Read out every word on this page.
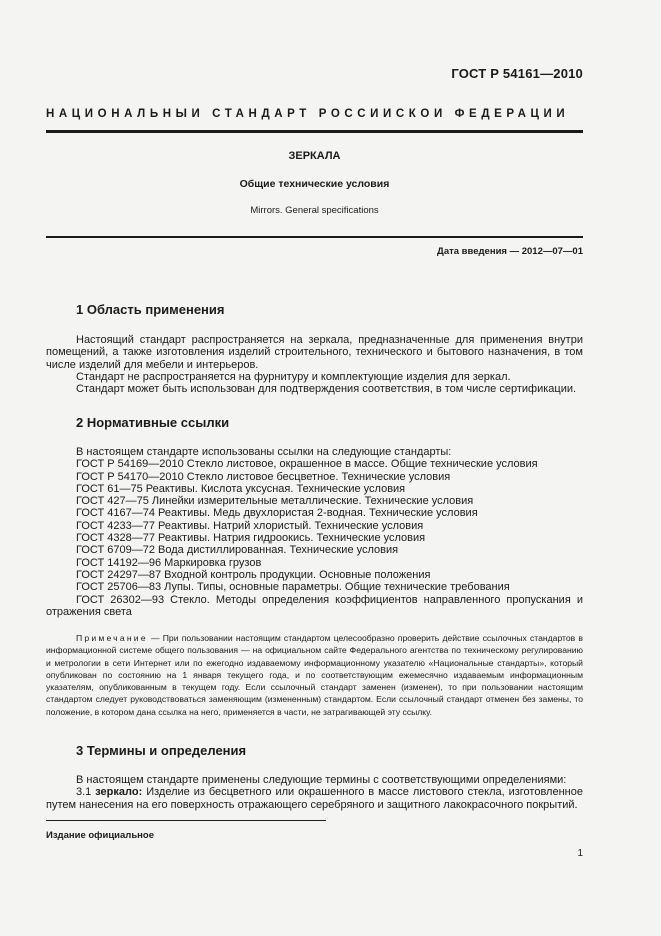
ГОСТ Р 54161—2010
НАЦИОНАЛЬНЫЙ СТАНДАРТ РОССИЙСКОЙ ФЕДЕРАЦИИ
ЗЕРКАЛА
Общие технические условия
Mirrors. General specifications
Дата введения — 2012—07—01
1 Область применения

Настоящий стандарт распространяется на зеркала, предназначенные для применения внутри помещений, а также изготовления изделий строительного, технического и бытового назначения, в том числе изделий для мебели и интерьеров.

Стандарт не распространяется на фурнитуру и комплектующие изделия для зеркал.

Стандарт может быть использован для подтверждения соответствия, в том числе сертификации.

2 Нормативные ссылки
В настоящем стандарте использованы ссылки на следующие стандарты:
ГОСТ Р 54169—2010 Стекло листовое, окрашенное в массе. Общие технические условия
ГОСТ Р 54170—2010 Стекло листовое бесцветное. Технические условия
ГОСТ 61—75 Реактивы. Кислота уксусная. Технические условия
ГОСТ 427—75 Линейки измерительные металлические. Технические условия
ГОСТ 4167—74 Реактивы. Медь двухлористая 2-водная. Технические условия
ГОСТ 4233—77 Реактивы. Натрий хлористый. Технические условия
ГОСТ 4328—77 Реактивы. Натрия гидроокись. Технические условия
ГОСТ 6709—72 Вода дистиллированная. Технические условия
ГОСТ 14192—96 Маркировка грузов
ГОСТ 24297—87 Входной контроль продукции. Основные положения
ГОСТ 25706—83 Лупы. Типы, основные параметры. Общие технические требования
ГОСТ 26302—93 Стекло. Методы определения коэффициентов направленного пропускания и отражения света
Примечание — При пользовании настоящим стандартом целесообразно проверить действие ссылочных стандартов в информационной системе общего пользования — на официальном сайте Федерального агентства по техническому регулированию и метрологии в сети Интернет или по ежегодно издаваемому информационному указателю «Национальные стандарты», который опубликован по состоянию на 1 января текущего года, и по соответствующим ежемесячно издаваемым информационным указателям, опубликованным в текущем году. Если ссылочный стандарт заменен (изменен), то при пользовании настоящим стандартом следует руководствоваться заменяющим (измененным) стандартом. Если ссылочный стандарт отменен без замены, то положение, в котором дана ссылка на него, применяется в части, не затрагивающей эту ссылку.
3 Термины и определения

В настоящем стандарте применены следующие термины с соответствующими определениями:

3.1 зеркало: Изделие из бесцветного или окрашенного в массе листового стекла, изготовленное путем нанесения на его поверхность отражающего серебряного и защитного лакокрасочного покрытий.

Издание официальное
1
